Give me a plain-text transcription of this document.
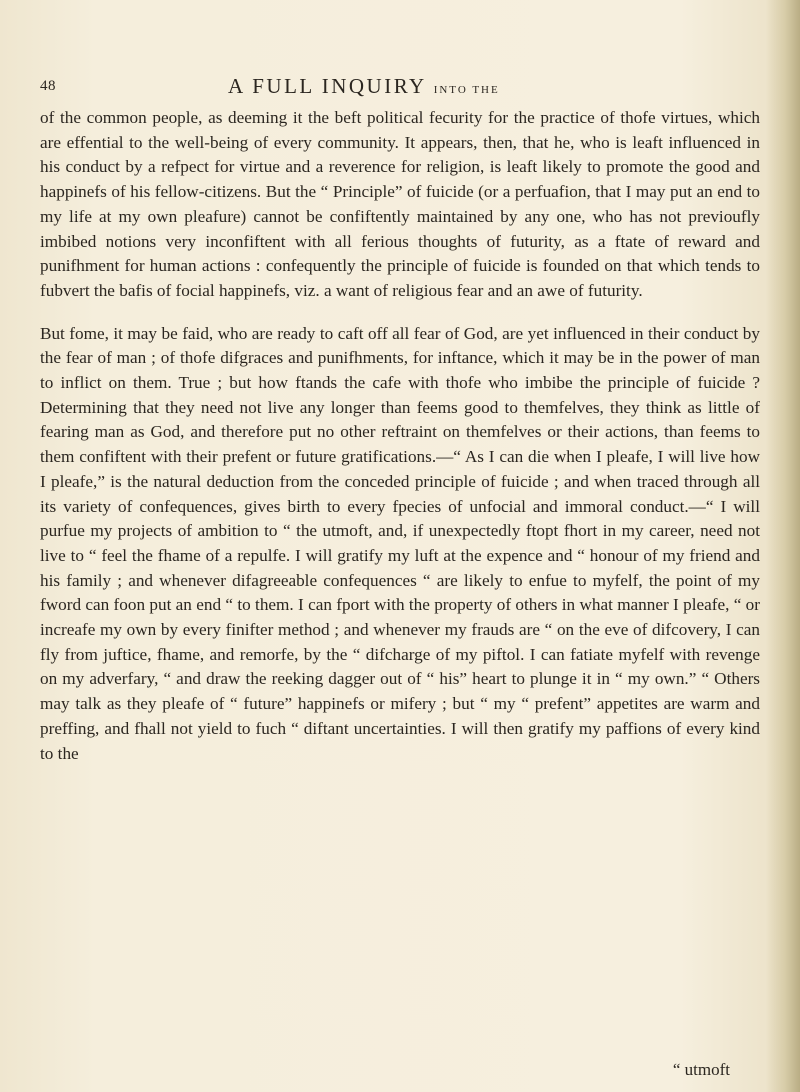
48	A FULL INQUIRY INTO THE

of the common people, as deeming it the beft political fecurity for the practice of thofe virtues, which are effential to the well-being of every community. It appears, then, that he, who is leaft influenced in his conduct by a refpect for virtue and a reverence for religion, is leaft likely to promote the good and happinefs of his fellow-citizens. But the “ Principle” of fuicide (or a perfuafion, that I may put an end to my life at my own pleafure) cannot be confiftently maintained by any one, who has not previoufly imbibed notions very inconfiftent with all ferious thoughts of futurity, as a ftate of reward and punifhment for human actions : confequently the principle of fuicide is founded on that which tends to fubvert the bafis of focial happinefs, viz. a want of religious fear and an awe of futurity.

But fome, it may be faid, who are ready to caft off all fear of God, are yet influenced in their conduct by the fear of man ; of thofe difgraces and punifhments, for inftance, which it may be in the power of man to inflict on them. True ; but how ftands the cafe with thofe who imbibe the principle of fuicide ? Determining that they need not live any longer than feems good to themfelves, they think as little of fearing man as God, and therefore put no other reftraint on themfelves or their actions, than feems to them confiftent with their prefent or future gratifications.—“ As I can die when I pleafe, I will live how I pleafe,” is the natural deduction from the conceded principle of fuicide ; and when traced through all its variety of confequences, gives birth to every fpecies of unfocial and immoral conduct.—“ I will purfue my projects of ambition to “ the utmoft, and, if unexpectedly ftopt fhort in my career, need not live to “ feel the fhame of a repulfe. I will gratify my luft at the expence and “ honour of my friend and his family ; and whenever difagreeable confequences “ are likely to enfue to myfelf, the point of my fword can foon put an end “ to them. I can fport with the property of others in what manner I pleafe, “ or increafe my own by every finifter method ; and whenever my frauds are “ on the eve of difcovery, I can fly from juftice, fhame, and remorfe, by the “ difcharge of my piftol. I can fatiate myfelf with revenge on my adverfary, “ and draw the reeking dagger out of “ his” heart to plunge it in “ my own.” “ Others may talk as they pleafe of “ future” happinefs or mifery ; but “ my “ prefent” appetites are warm and preffing, and fhall not yield to fuch “ diftant uncertainties. I will then gratify my paffions of every kind to the

“ utmoft
